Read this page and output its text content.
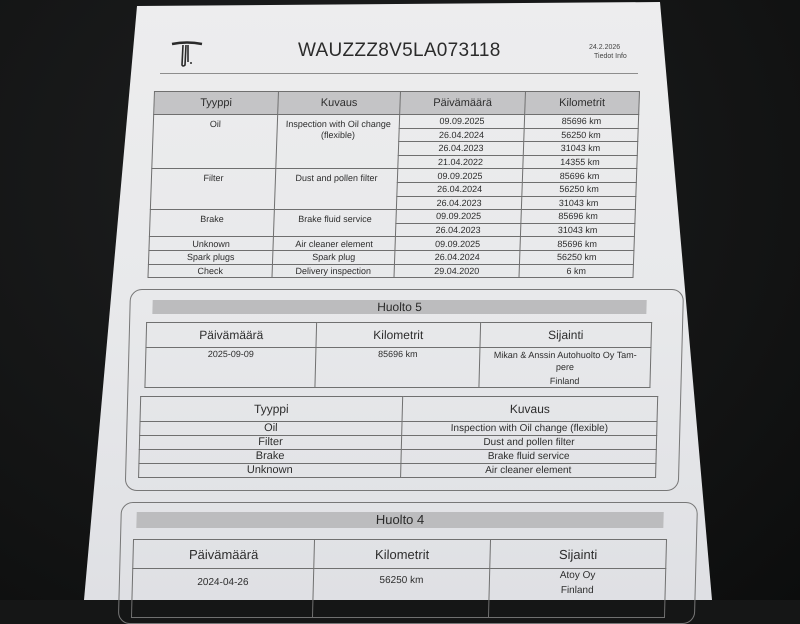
WAUZZZ8V5LA073118	24.2.2026
Tiedot Info
Tyyppi	Kuvaus	Päivämäärä	Kilometrit
Oil	Inspection with Oil change (flexible)	09.09.2025	85696 km
		26.04.2024	56250 km
		26.04.2023	31043 km
		21.04.2022	14355 km
Filter	Dust and pollen filter	09.09.2025	85696 km
		26.04.2024	56250 km
		26.04.2023	31043 km
Brake	Brake fluid service	09.09.2025	85696 km
		26.04.2023	31043 km
Unknown	Air cleaner element	09.09.2025	85696 km
Spark plugs	Spark plug	26.04.2024	56250 km
Check	Delivery inspection	29.04.2020	6 km
Huolto 5
Päivämäärä	Kilometrit	Sijainti
2025-09-09	85696 km	Mikan & Anssin Autohuolto Oy Tam-
pere
Finland
Tyyppi	Kuvaus
Oil	Inspection with Oil change (flexible)
Filter	Dust and pollen filter
Brake	Brake fluid service
Unknown	Air cleaner element
Huolto 4
Päivämäärä	Kilometrit	Sijainti
2024-04-26	56250 km	Atoy Oy
Finland
